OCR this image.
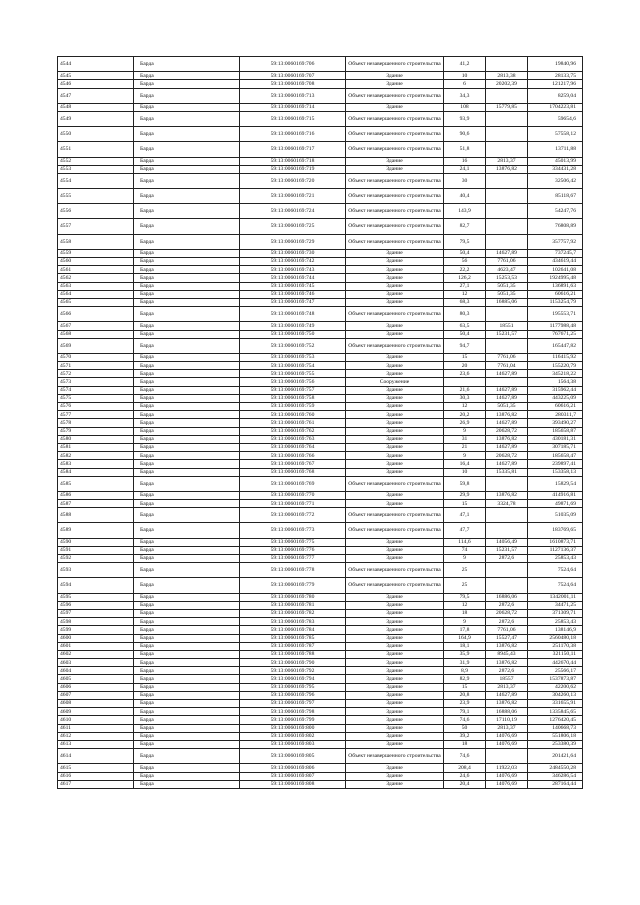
4544	Барда	59:13:0060169:706	Объект незавершенного строительства	41,2		19840,96
4545	Барда	59:13:0060169:707	Здание	10	2813,38	28133,75
4546	Барда	59:13:0060169:708	Здание	6	20202,39	121217,96
4547	Барда	59:13:0060169:713	Объект незавершенного строительства	34,3		8259,04
4548	Барда	59:13:0060169:714	Здание	108	15779,85	1704223,81
4549	Барда	59:13:0060169:715	Объект незавершенного строительства	93,9		59654,6
4550	Барда	59:13:0060169:716	Объект незавершенного строительства	90,6		57558,12
4551	Барда	59:13:0060169:717	Объект незавершенного строительства	51,8		13711,88
4552	Барда	59:13:0060169:718	Здание	16	2813,37	45013,99
4553	Барда	59:13:0060169:719	Здание	24,1	13876,82	334431,28
4554	Барда	59:13:0060169:720	Объект незавершенного строительства	30		32506,42
4555	Барда	59:13:0060169:721	Объект незавершенного строительства	40,4		85118,67
4556	Барда	59:13:0060169:724	Объект незавершенного строительства	143,9		54247,76
4557	Барда	59:13:0060169:725	Объект незавершенного строительства	82,7		76808,89
4558	Барда	59:13:0060169:729	Объект незавершенного строительства	79,5		357757,92
4559	Барда	59:13:0060169:730	Здание	50,4	14627,89	737245,7
4560	Барда	59:13:0060169:742	Здание	56	7761,06	434619,44
4561	Барда	59:13:0060169:743	Здание	22,2	4623,47	102641,08
4562	Барда	59:13:0060169:744	Здание	126,2	15253,53	1924995,48
4563	Барда	59:13:0060169:745	Здание	27,1	5051,35	136891,63
4564	Барда	59:13:0060169:746	Здание	12	5051,35	60616,21
4565	Барда	59:13:0060169:747	Здание	68,3	16885,06	1153254,79
4566	Барда	59:13:0060169:748	Объект незавершенного строительства	80,3		195553,71
4567	Барда	59:13:0060169:749	Здание	63,5	18551	1177988,48
4568	Барда	59:13:0060169:750	Здание	50,4	15231,57	767671,25
4569	Барда	59:13:0060169:752	Объект незавершенного строительства	94,7		165447,82
4570	Барда	59:13:0060169:753	Здание	15	7761,06	116415,92
4571	Барда	59:13:0060169:754	Здание	20	7761,04	155220,79
4572	Барда	59:13:0060169:755	Здание	23,6	14627,89	345218,22
4573	Барда	59:13:0060169:756	Сооружение			1564,38
4574	Барда	59:13:0060169:757	Здание	21,6	14627,89	315962,44
4575	Барда	59:13:0060169:758	Здание	30,3	14627,89	443225,09
4576	Барда	59:13:0060169:759	Здание	12	5051,35	60616,21
4577	Барда	59:13:0060169:760	Здание	20,2	13876,82	280311,7
4578	Барда	59:13:0060169:761	Здание	26,9	14627,89	393490,27
4579	Барда	59:13:0060169:762	Здание	9	20628,72	185658,87
4580	Барда	59:13:0060169:763	Здание	31	13876,82	430181,31
4581	Барда	59:13:0060169:764	Здание	21	14627,89	307185,71
4582	Барда	59:13:0060169:766	Здание	9	20628,72	185658,47
4583	Барда	59:13:0060169:767	Здание	16,4	14627,89	239897,41
4584	Барда	59:13:0060169:768	Здание	10	15335,81	153358,13
4585	Барда	59:13:0060169:769	Объект незавершенного строительства	59,8		15829,54
4586	Барда	59:13:0060169:770	Здание	29,9	13876,82	414916,81
4587	Барда	59:13:0060169:771	Здание	15	3324,78	49871,69
4588	Барда	59:13:0060169:772	Объект незавершенного строительства	47,1		51035,09
4589	Барда	59:13:0060169:773	Объект незавершенного строительства	47,7		183769,65
4590	Барда	59:13:0060169:775	Здание	114,6	14056,49	1610873,71
4591	Барда	59:13:0060169:776	Здание	74	15231,57	1127136,37
4592	Барда	59:13:0060169:777	Здание	9	2872,6	25853,43
4593	Барда	59:13:0060169:778	Объект незавершенного строительства	25		7524,64
4594	Барда	59:13:0060169:779	Объект незавершенного строительства	25		7524,64
4595	Барда	59:13:0060169:780	Здание	79,5	16886,06	1342001,11
4596	Барда	59:13:0060169:781	Здание	12	2872,6	34471,25
4597	Барда	59:13:0060169:782	Здание	18	20628,72	371309,71
4598	Барда	59:13:0060169:783	Здание	9	2872,6	25853,43
4599	Барда	59:13:0060169:784	Здание	17,8	7761,06	138146,9
4600	Барда	59:13:0060169:785	Здание	164,9	15527,47	2560480,18
4601	Барда	59:13:0060169:787	Здание	18,1	13876,82	251170,38
4602	Барда	59:13:0060169:788	Здание	35,9	8945,43	321150,11
4603	Барда	59:13:0060169:790	Здание	31,9	13876,82	442670,44
4604	Барда	59:13:0060169:792	Здание	8,9	2872,6	25566,17
4605	Барда	59:13:0060169:794	Здание	82,9	18557	1537873,87
4606	Барда	59:13:0060169:795	Здание	15	2813,37	42200,62
4607	Барда	59:13:0060169:796	Здание	20,8	14627,89	304260,13
4608	Барда	59:13:0060169:797	Здание	23,9	13876,82	331655,91
4609	Барда	59:13:0060169:798	Здание	79,1	16888,06	1335845,65
4610	Барда	59:13:0060169:799	Здание	74,6	17110,19	1276420,45
4611	Барда	59:13:0060169:800	Здание	50	2813,37	140668,73
4612	Барда	59:13:0060169:802	Здание	39,2	14076,69	551806,18
4613	Барда	59:13:0060169:803	Здание	18	14076,69	253380,39
4614	Барда	59:13:0060169:805	Объект незавершенного строительства	74,6		201421,64
4615	Барда	59:13:0060169:806	Здание	208,4	11922,03	2484550,28
4616	Барда	59:13:0060169:807	Здание	24,6	14076,69	346286,54
4617	Барда	59:13:0060169:808	Здание	20,4	14076,69	287164,44
